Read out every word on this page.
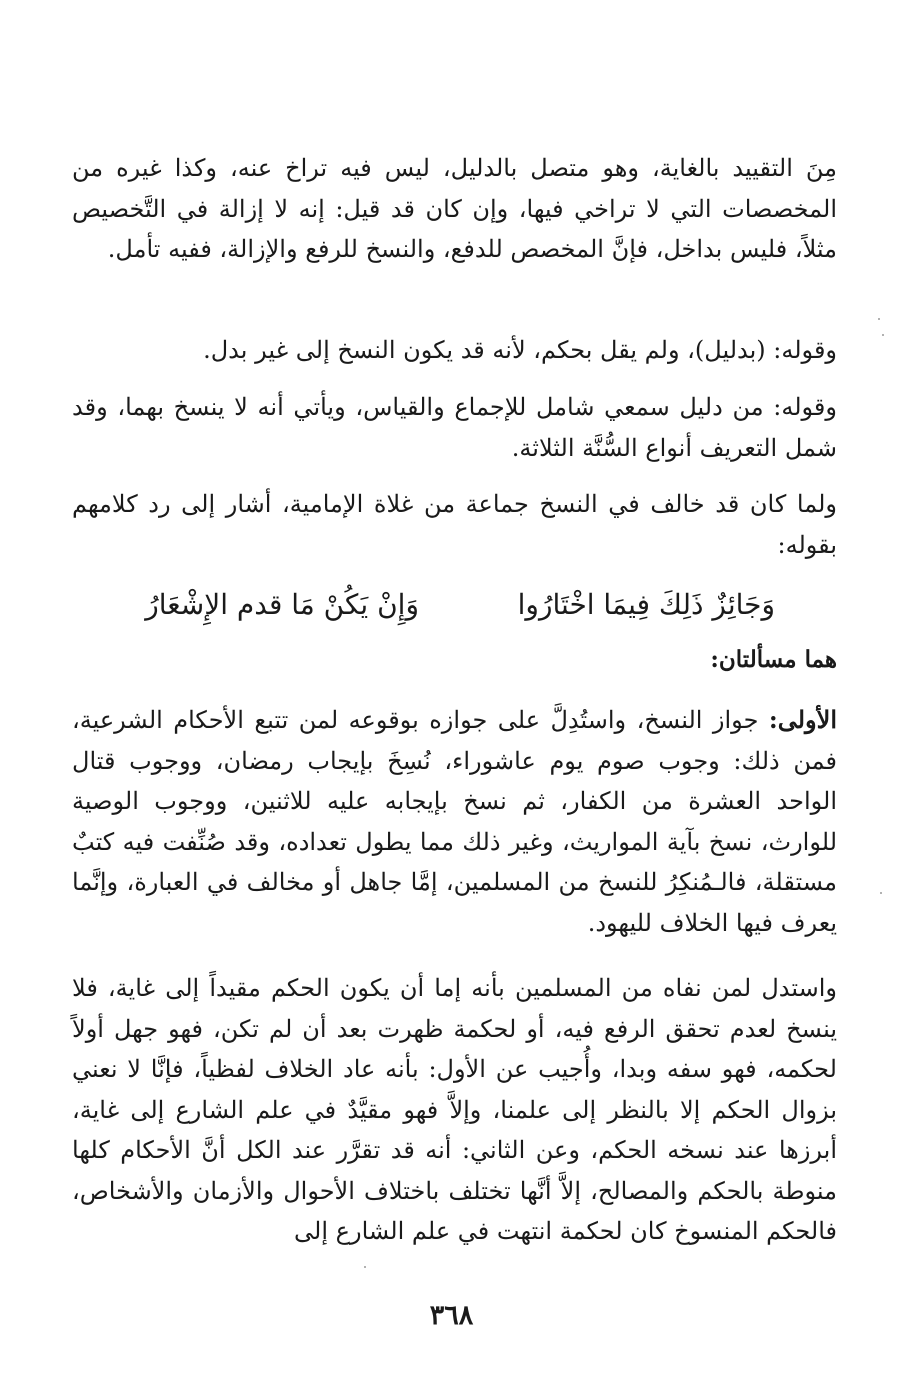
مِنَ التقييد بالغاية، وهو متصل بالدليل، ليس فيه تراخ عنه، وكذا غيره من المخصصات التي لا تراخي فيها، وإن كان قد قيل: إنه لا إزالة في التَّخصيص مثلاً، فليس بداخل، فإنَّ المخصص للدفع، والنسخ للرفع والإزالة، ففيه تأمل.

وقوله: (بدليل)، ولم يقل بحكم، لأنه قد يكون النسخ إلى غير بدل.

وقوله: من دليل سمعي شامل للإجماع والقياس، ويأتي أنه لا ينسخ بهما، وقد شمل التعريف أنواع السُّنَّة الثلاثة.

ولما كان قد خالف في النسخ جماعة من غلاة الإمامية، أشار إلى رد كلامهم بقوله:

وَجَائِزٌ ذَلِكَ فِيمَا اخْتَارُوا
وَإِنْ يَكُنْ مَا قدم الإِشْعَارُ

هما مسألتان:

الأولى: جواز النسخ، واستُدِلَّ على جوازه بوقوعه لمن تتبع الأحكام الشرعية، فمن ذلك: وجوب صوم يوم عاشوراء، نُسِخَ بإيجاب رمضان، ووجوب قتال الواحد العشرة من الكفار، ثم نسخ بإيجابه عليه للاثنين، ووجوب الوصية للوارث، نسخ بآية المواريث، وغير ذلك مما يطول تعداده، وقد صُنِّفت فيه كتبٌ مستقلة، فالـمُنكِرُ للنسخ من المسلمين، إمَّا جاهل أو مخالف في العبارة، وإنَّما يعرف فيها الخلاف لليهود.

واستدل لمن نفاه من المسلمين بأنه إما أن يكون الحكم مقيداً إلى غاية، فلا ينسخ لعدم تحقق الرفع فيه، أو لحكمة ظهرت بعد أن لم تكن، فهو جهل أولاً لحكمه، فهو سفه وبدا، وأُجيب عن الأول: بأنه عاد الخلاف لفظياً، فإنَّا لا نعني بزوال الحكم إلا بالنظر إلى علمنا، وإلاَّ فهو مقيَّدٌ في علم الشارع إلى غاية، أبرزها عند نسخه الحكم، وعن الثاني: أنه قد تقرَّر عند الكل أنَّ الأحكام كلها منوطة بالحكم والمصالح، إلاَّ أنَّها تختلف باختلاف الأحوال والأزمان والأشخاص، فالحكم المنسوخ كان لحكمة انتهت في علم الشارع إلى

٣٦٨
